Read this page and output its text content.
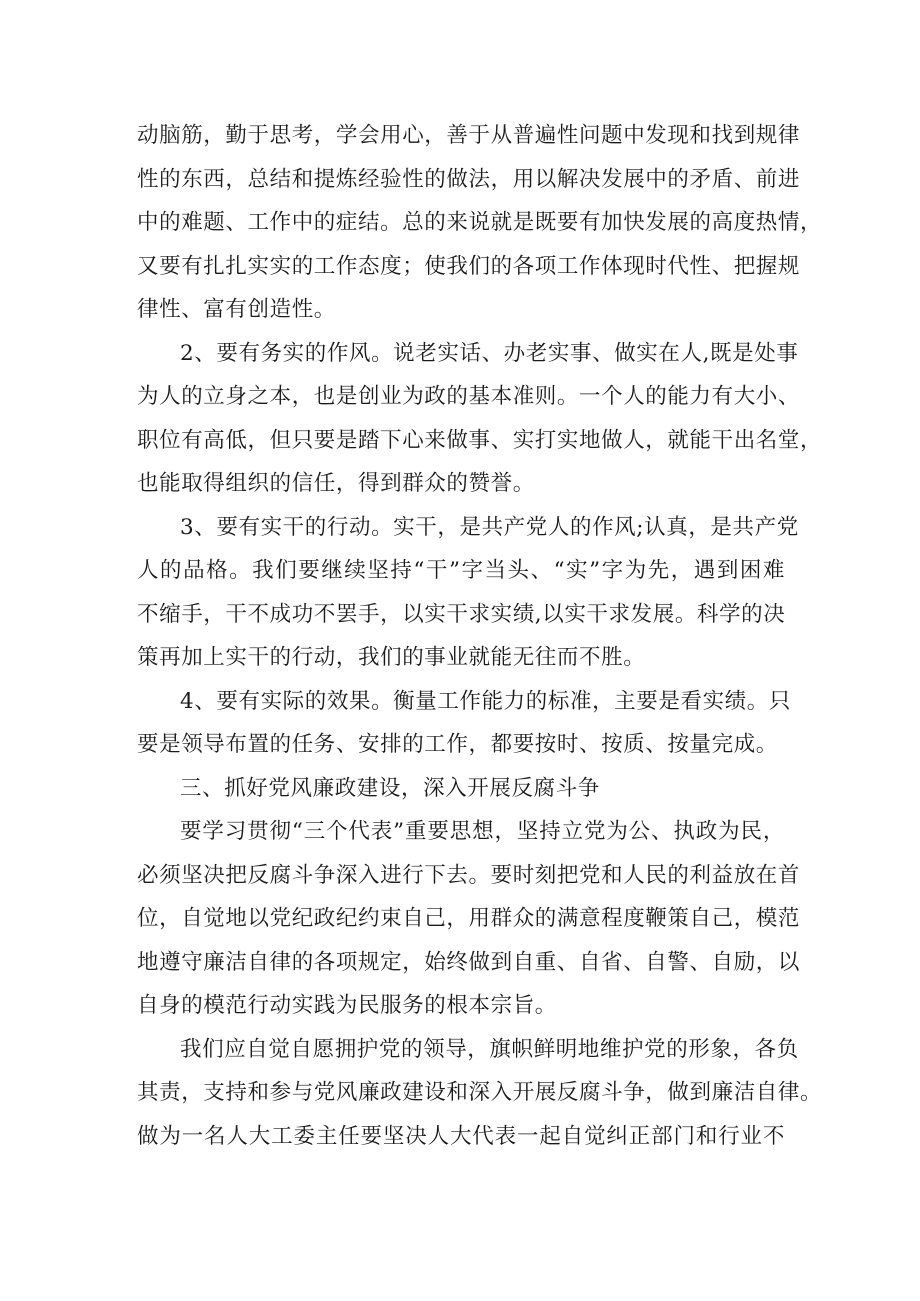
动脑筋，勤于思考，学会用心，善于从普遍性问题中发现和找到规律
性的东西，总结和提炼经验性的做法，用以解决发展中的矛盾、前进
中的难题、工作中的症结。总的来说就是既要有加快发展的高度热情，
又要有扎扎实实的工作态度；使我们的各项工作体现时代性、把握规
律性、富有创造性。
2、要有务实的作风。说老实话、办老实事、做实在人,既是处事
为人的立身之本，也是创业为政的基本准则。一个人的能力有大小、
职位有高低，但只要是踏下心来做事、实打实地做人，就能干出名堂，
也能取得组织的信任，得到群众的赞誉。
3、要有实干的行动。实干，是共产党人的作风;认真，是共产党
人的品格。我们要继续坚持“干”字当头、“实”字为先，遇到困难
不缩手，干不成功不罢手，以实干求实绩,以实干求发展。科学的决
策再加上实干的行动，我们的事业就能无往而不胜。
4、要有实际的效果。衡量工作能力的标准，主要是看实绩。只
要是领导布置的任务、安排的工作，都要按时、按质、按量完成。
三、抓好党风廉政建设，深入开展反腐斗争
要学习贯彻“三个代表”重要思想，坚持立党为公、执政为民，
必须坚决把反腐斗争深入进行下去。要时刻把党和人民的利益放在首
位，自觉地以党纪政纪约束自己，用群众的满意程度鞭策自己，模范
地遵守廉洁自律的各项规定，始终做到自重、自省、自警、自励，以
自身的模范行动实践为民服务的根本宗旨。
我们应自觉自愿拥护党的领导，旗帜鲜明地维护党的形象，各负
其责，支持和参与党风廉政建设和深入开展反腐斗争，做到廉洁自律。
做为一名人大工委主任要坚决人大代表一起自觉纠正部门和行业不
